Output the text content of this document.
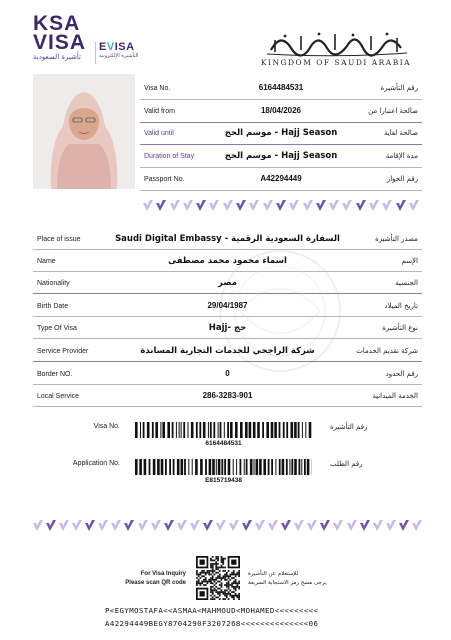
KSA
VISA
تأشيرة السعودية
EVISA
التأشيرة الإلكترونية
KINGDOM OF SAUDI ARABIA
Visa No.	6164484531	رقم التأشيرة
Valid from	18/04/2026	صالحة اعتبارا من
Valid until	موسم الحج - Hajj Season	صالحة لغاية
Duration of Stay	موسم الحج - Hajj Season	مدة الإقامة
Passport No.	A42294449	رقم الجواز
Place of issue	Saudi Digital Embassy - السفارة السعودية الرقمية	مصدر التأشيرة
Name	اسماء محمود محمد مصطفى	الإسم
Nationality	مصر	الجنسية
Birth Date	29/04/1987	تاريخ الميلاد
Type Of Visa	Hajj- حج	نوع التأشيرة
Service Provider	شركة الراجحي للخدمات التجارية المساندة	شركة تقديم الخدمات
Border NO.	0	رقم الحدود
Local Service	286-3283-901	الخدمة الميدانية
Visa No.	رقم التأشيرة
6164484531
Application No.	رقم الطلب
E815719438
For Visa Inquiry
Please scan QR code
للإستعلام عن التأشيرة
يرجى مسح رمز الاستجابة السريعة
P<EGYMOSTAFA<<ASMAA<MAHMOUD<MOHAMED<<<<<<<<<
A42294449BEGY8704290F3207268<<<<<<<<<<<<<<06
